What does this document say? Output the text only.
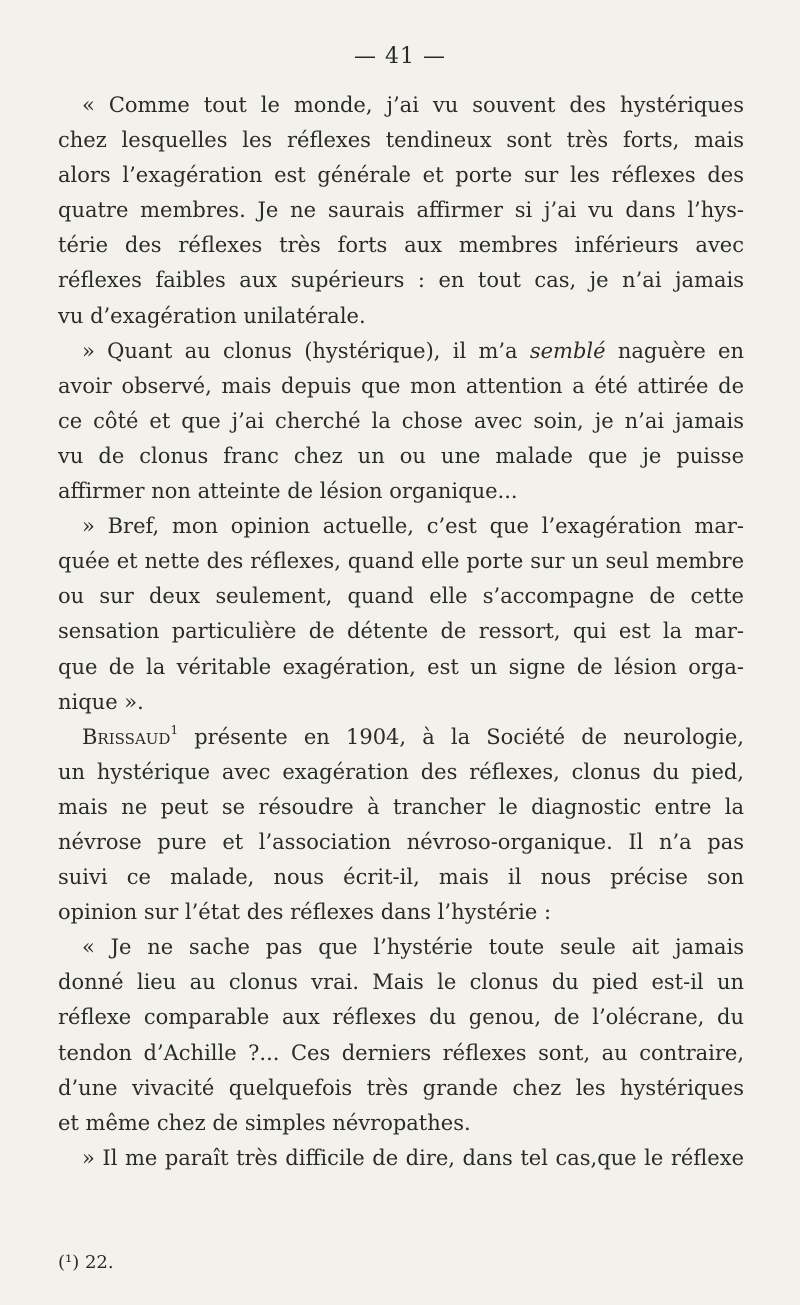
— 41 —
« Comme tout le monde, j’ai vu souvent des hystériques
chez lesquelles les réflexes tendineux sont très forts, mais
alors l’exagération est générale et porte sur les réflexes des
quatre membres. Je ne saurais affirmer si j’ai vu dans l’hys-
térie des réflexes très forts aux membres inférieurs avec
réflexes faibles aux supérieurs : en tout cas, je n’ai jamais
vu d’exagération unilatérale.
» Quant au clonus (hystérique), il m’a semblé naguère en
avoir observé, mais depuis que mon attention a été attirée de
ce côté et que j’ai cherché la chose avec soin, je n’ai jamais
vu de clonus franc chez un ou une malade que je puisse
affirmer non atteinte de lésion organique...
» Bref, mon opinion actuelle, c’est que l’exagération mar-
quée et nette des réflexes, quand elle porte sur un seul membre
ou sur deux seulement, quand elle s’accompagne de cette
sensation particulière de détente de ressort, qui est la mar-
que de la véritable exagération, est un signe de lésion orga-
nique ».
Brissaud$^1$ présente en 1904, à la Société de neurologie,
un hystérique avec exagération des réflexes, clonus du pied,
mais ne peut se résoudre à trancher le diagnostic entre la
névrose pure et l’association névroso-organique. Il n’a pas
suivi ce malade, nous écrit-il, mais il nous précise son
opinion sur l’état des réflexes dans l’hystérie :
« Je ne sache pas que l’hystérie toute seule ait jamais
donné lieu au clonus vrai. Mais le clonus du pied est-il un
réflexe comparable aux réflexes du genou, de l’olécrane, du
tendon d’Achille ?... Ces derniers réflexes sont, au contraire,
d’une vivacité quelquefois très grande chez les hystériques
et même chez de simples névropathes.
» Il me paraît très difficile de dire, dans tel cas,que le réflexe
(¹) 22.
